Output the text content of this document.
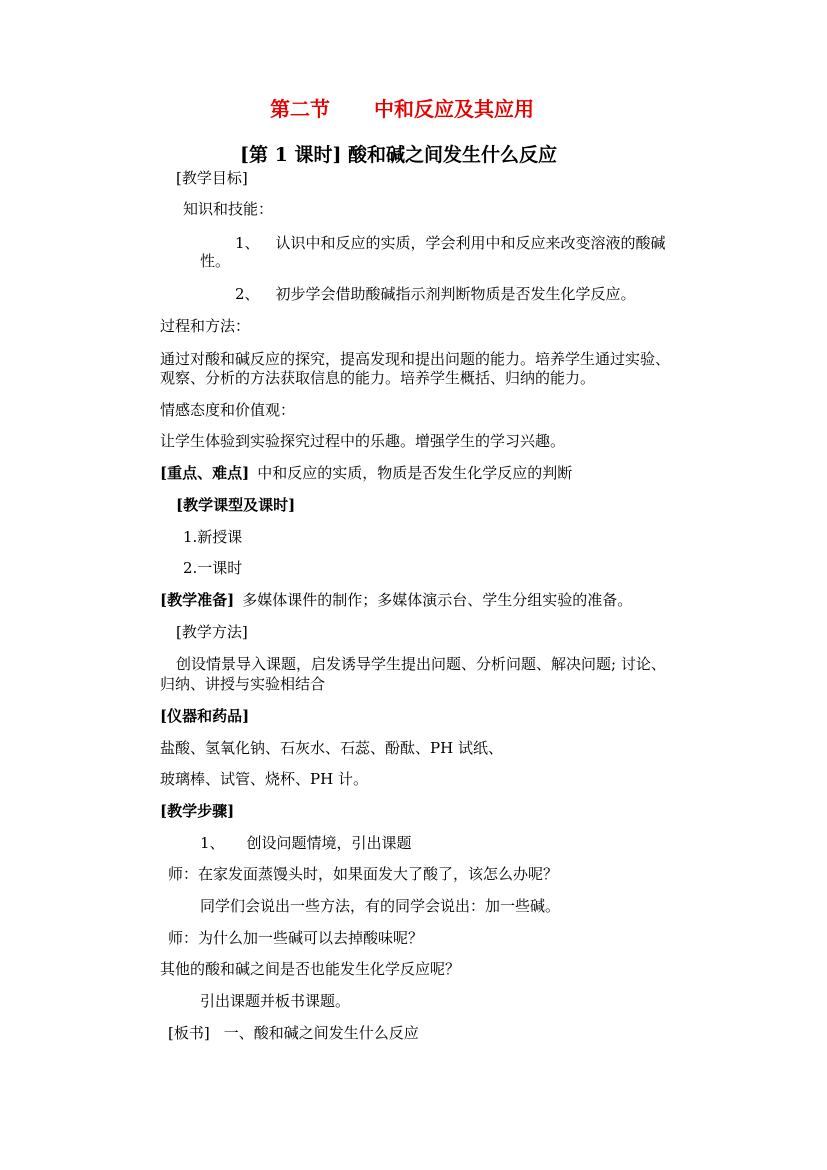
第二节 中和反应及其应用
[第 1 课时] 酸和碱之间发生什么反应
[教学目标]
知识和技能：
1、 认识中和反应的实质，学会利用中和反应来改变溶液的酸碱
性。
2、 初步学会借助酸碱指示剂判断物质是否发生化学反应。
过程和方法：
通过对酸和碱反应的探究，提高发现和提出问题的能力。培养学生通过实验、
观察、分析的方法获取信息的能力。培养学生概括、归纳的能力。
情感态度和价值观：
让学生体验到实验探究过程中的乐趣。增强学生的学习兴趣。
[重点、难点] 中和反应的实质，物质是否发生化学反应的判断
[教学课型及课时]
1.新授课
2.一课时
[教学准备] 多媒体课件的制作；多媒体演示台、学生分组实验的准备。
[教学方法]
创设情景导入课题，启发诱导学生提出问题、分析问题、解决问题; 讨论、
归纳、讲授与实验相结合
[仪器和药品]
盐酸、氢氧化钠、石灰水、石蕊、酚酞、PH 试纸、
玻璃棒、试管、烧杯、PH 计。
[教学步骤]
1、 创设问题情境，引出课题
师：在家发面蒸馒头时，如果面发大了酸了，该怎么办呢？
同学们会说出一些方法，有的同学会说出：加一些碱。
师：为什么加一些碱可以去掉酸味呢？
其他的酸和碱之间是否也能发生化学反应呢？
引出课题并板书课题。
[板书] 一、酸和碱之间发生什么反应
